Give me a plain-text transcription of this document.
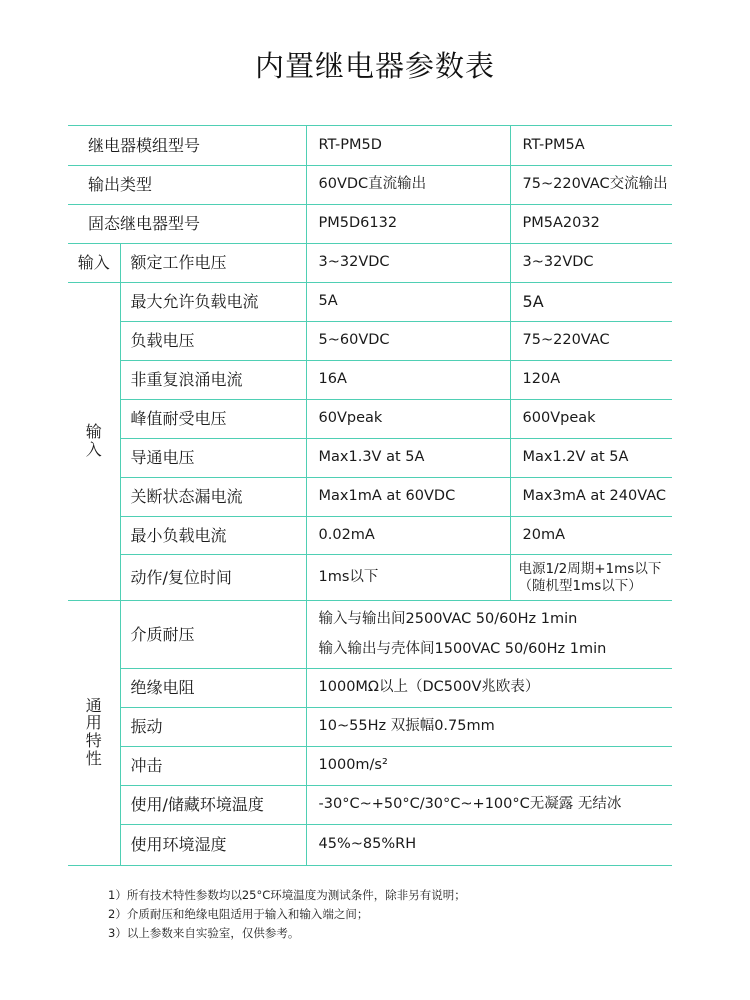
内置继电器参数表
继电器模组型号		RT-PM5D	RT-PM5A
输出类型		60VDC直流输出	75~220VAC交流输出
固态继电器型号		PM5D6132	PM5A2032
输入	额定工作电压	3~32VDC	3~32VDC
输入	最大允许负载电流	5A	5A
	负载电压	5~60VDC	75~220VAC
	非重复浪涌电流	16A	120A
	峰值耐受电压	60Vpeak	600Vpeak
	导通电压	Max1.3V at 5A	Max1.2V at 5A
	关断状态漏电流	Max1mA at 60VDC	Max3mA at 240VAC
	最小负载电流	0.02mA	20mA
	动作/复位时间	1ms以下	电源1/2周期+1ms以下
（随机型1ms以下）
通用特性	介质耐压	输入与输出间2500VAC 50/60Hz 1min
输入输出与壳体间1500VAC 50/60Hz 1min	

	绝缘电阻	1000MΩ以上（DC500V兆欧表）	
	振动	10~55Hz 双振幅0.75mm	
	冲击	1000m/s²	
	使用/储藏环境温度	-30°C~+50°C/30°C~+100°C无凝露 无结冰	
	使用环境湿度	45%~85%RH	
1）所有技术特性参数均以25°C环境温度为测试条件，除非另有说明；
2）介质耐压和绝缘电阻适用于输入和输入端之间；
3）以上参数来自实验室，仅供参考。
